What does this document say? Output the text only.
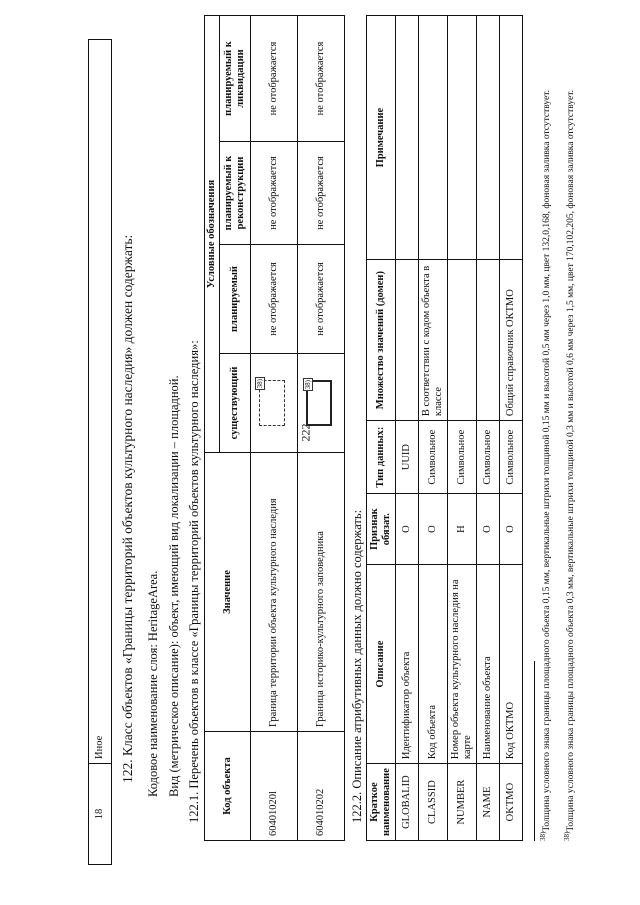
222
18	Иное 122. Класс объектов «Границы территорий объектов культурного наследия» должен содержать: Кодовое наименование слоя: HeritageArea. Вид (метрическое описание): объект, имеющий вид локализации – площадной. 122.1. Перечень объектов в классе «Границы территорий объектов культурного наследия»: Код объекта	Значение	Условные обозначения			
		существующий	планируемый	планируемый к реконструкции	планируемый к ликвидации
60401020l	Граница территории объекта культурного наследия	38)	не отображается	не отображается	не отображается
604010202	Граница историко-культурного заповедника	38)	не отображается	не отображается	не отображается
122.2. Описание атрибутивных данных должно содержать: Краткое наименование	Описание	Признак обязат.	Тип данных:	Множество значений (домен)	Примечание
GLOBALID	Идентификатор объекта	О	UUID		
CLASSID	Код объекта	О	Символьное	В соответствии с кодом объекта в классе	
NUMBER	Номер объекта культурного наследия на карте	Н	Символьное		
NAME	Наименование объекта	О	Символьное		
OKTMO	Код ОКТМО	О	Символьное	Общий справочник ОКТМО	
$^{38)}$Толщина условного знака границы площадного объекта 0,15 мм, вертикальные штрихи толщиной 0,15 мм и высотой 0,5 мм через 1,0 мм, цвет 132,0,168, фоновая заливка отсутствует.
$^{38)}$Толщина условного знака границы площадного объекта 0,3 мм, вертикальные штрихи толщиной 0,3 мм и высотой 0,6 мм через 1,5 мм, цвет 170,102,205, фоновая заливка отсутствует.
